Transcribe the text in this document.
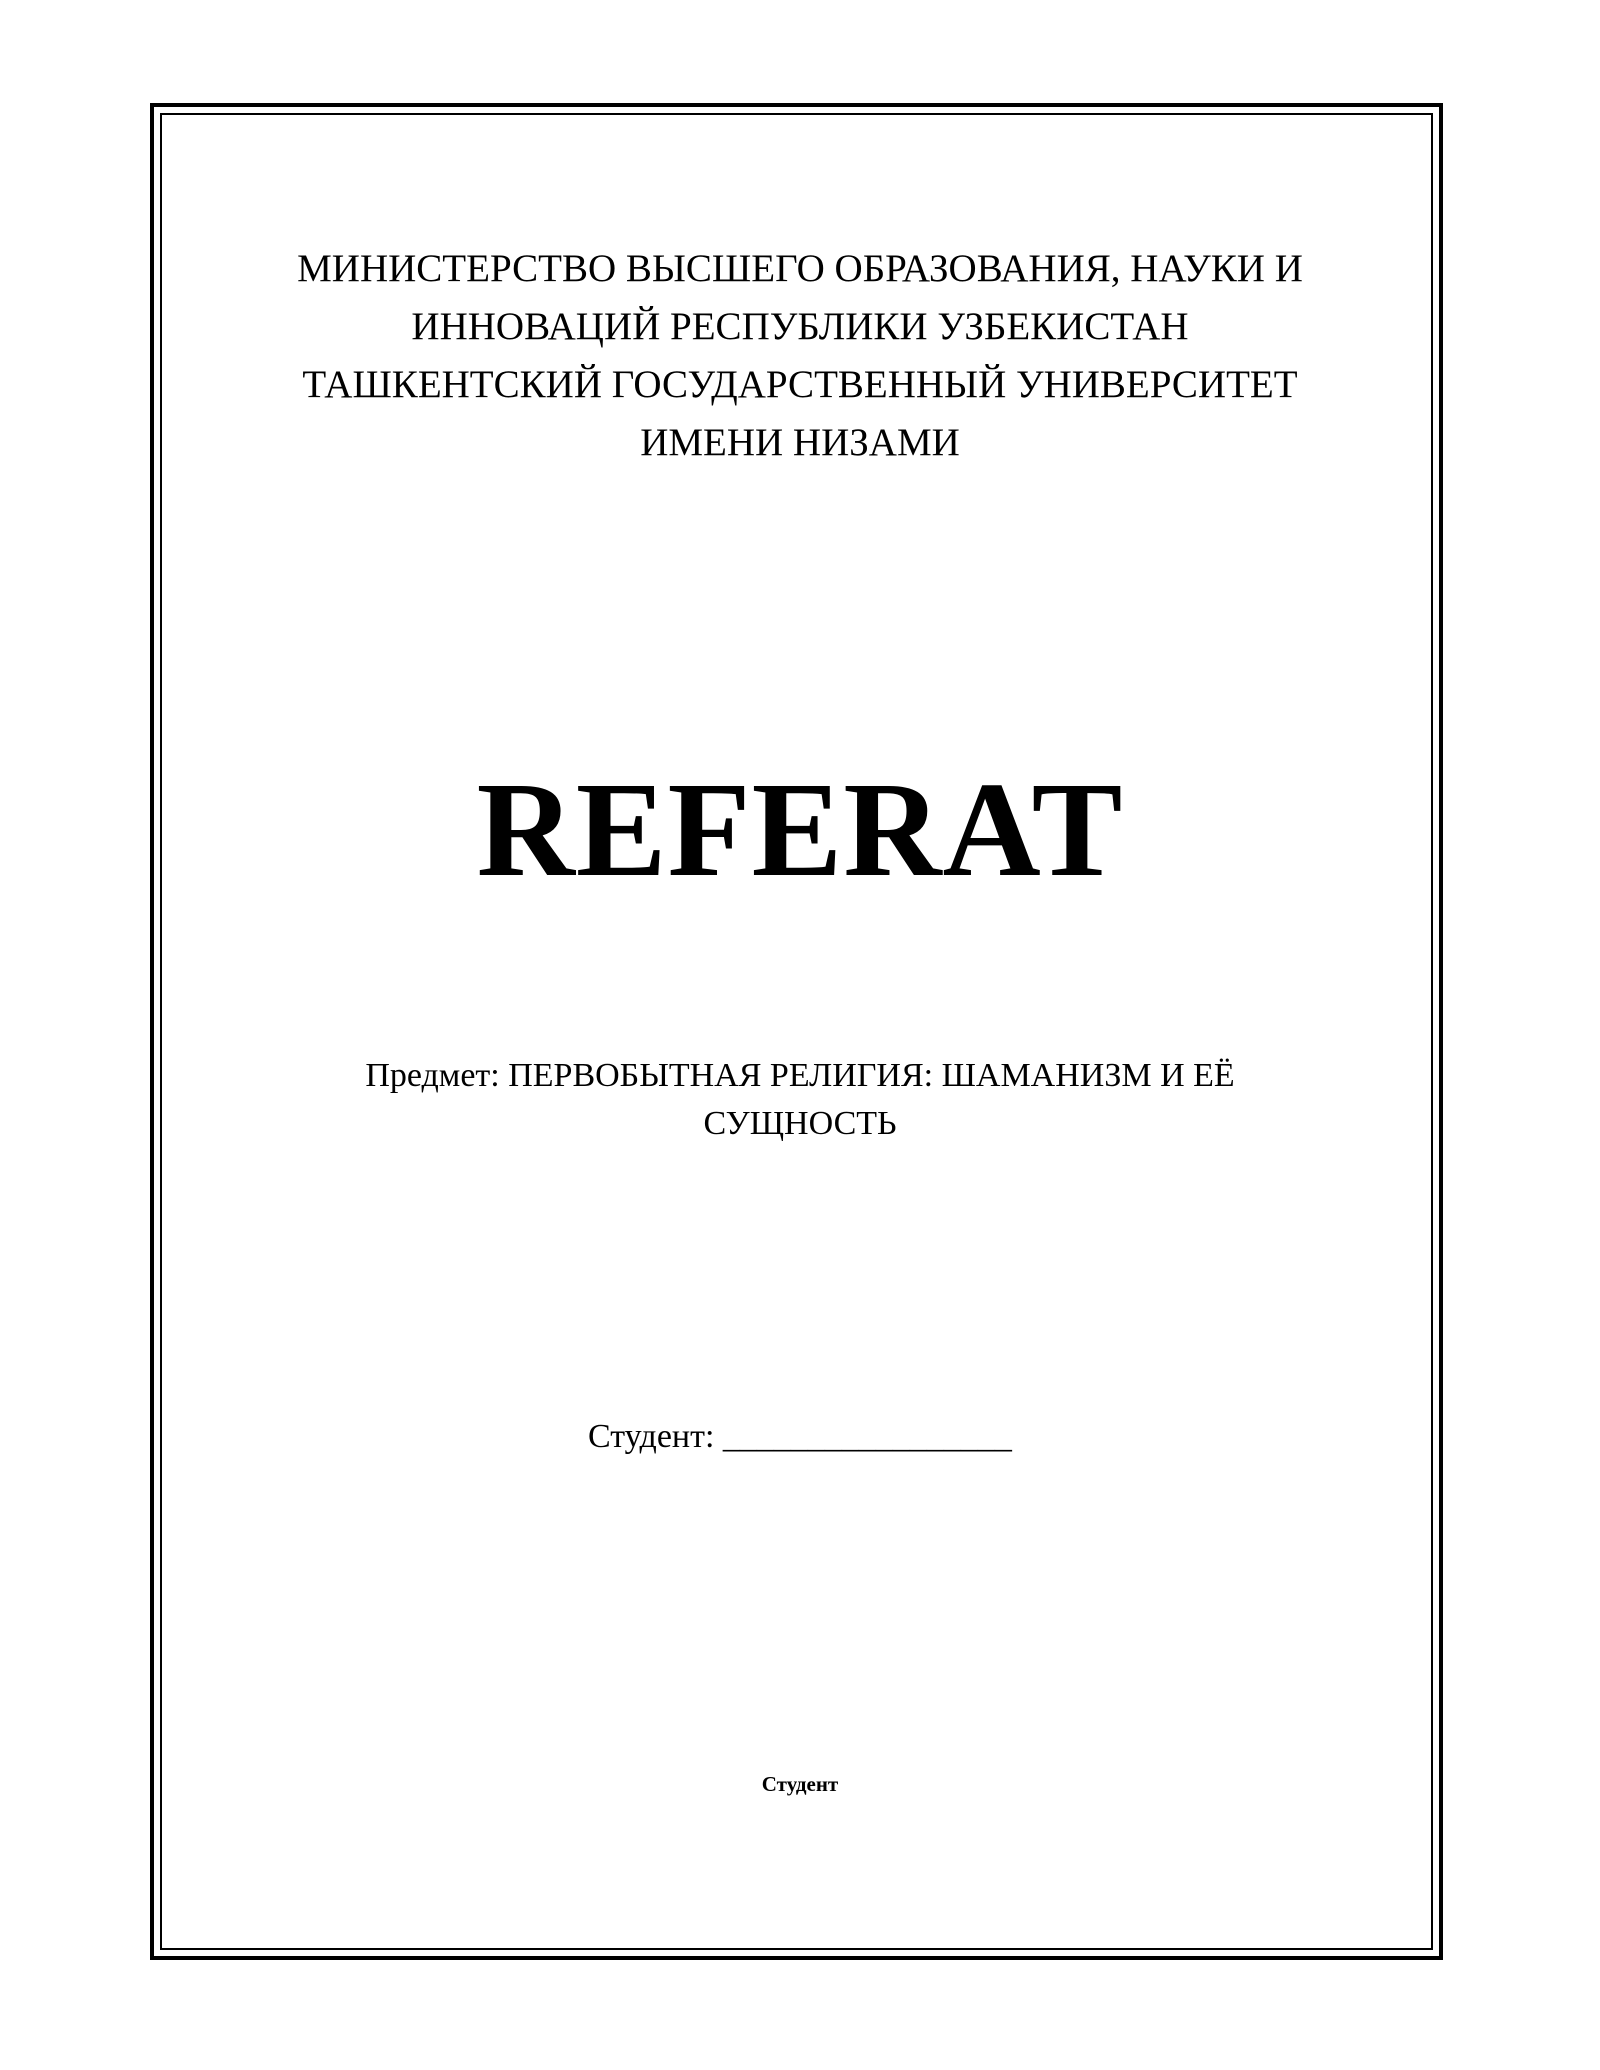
МИНИСТЕРСТВО ВЫСШЕГО ОБРАЗОВАНИЯ, НАУКИ И
ИННОВАЦИЙ РЕСПУБЛИКИ УЗБЕКИСТАН
ТАШКЕНТСКИЙ ГОСУДАРСТВЕННЫЙ УНИВЕРСИТЕТ
ИМЕНИ НИЗАМИ
REFERAT
Предмет: ПЕРВОБЫТНАЯ РЕЛИГИЯ: ШАМАНИЗМ И ЕЁ
СУЩНОСТЬ
Студент: _________________
Студент
